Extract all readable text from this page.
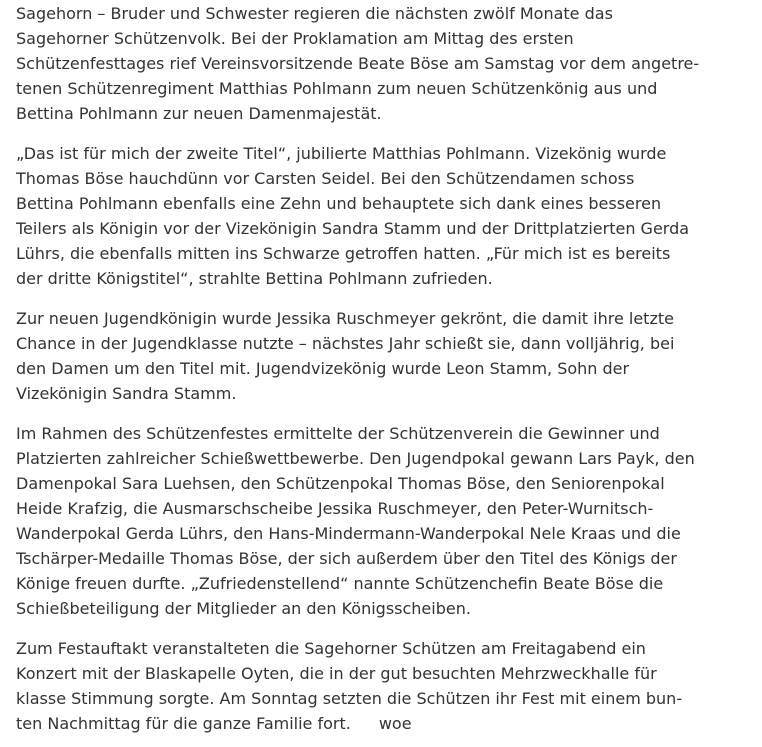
Sagehorn – Bruder und Schwester regieren die nächsten zwölf Monate das
Sagehorner Schützenvolk. Bei der Proklamation am Mittag des ersten
Schützenfesttages rief Vereinsvorsitzende Beate Böse am Samstag vor dem angetre-
tenen Schützenregiment Matthias Pohlmann zum neuen Schützenkönig aus und
Bettina Pohlmann zur neuen Damenmajestät.

„Das ist für mich der zweite Titel“, jubilierte Matthias Pohlmann. Vizekönig wurde
Thomas Böse hauchdünn vor Carsten Seidel. Bei den Schützendamen schoss
Bettina Pohlmann ebenfalls eine Zehn und behauptete sich dank eines besseren
Teilers als Königin vor der Vizekönigin Sandra Stamm und der Drittplatzierten Gerda
Lührs, die ebenfalls mitten ins Schwarze getroffen hatten. „Für mich ist es bereits
der dritte Königstitel“, strahlte Bettina Pohlmann zufrieden.

Zur neuen Jugendkönigin wurde Jessika Ruschmeyer gekrönt, die damit ihre letzte
Chance in der Jugendklasse nutzte – nächstes Jahr schießt sie, dann volljährig, bei
den Damen um den Titel mit. Jugendvizekönig wurde Leon Stamm, Sohn der
Vizekönigin Sandra Stamm.

Im Rahmen des Schützenfestes ermittelte der Schützenverein die Gewinner und
Platzierten zahlreicher Schießwettbewerbe. Den Jugendpokal gewann Lars Payk, den
Damenpokal Sara Luehsen, den Schützenpokal Thomas Böse, den Seniorenpokal
Heide Krafzig, die Ausmarschscheibe Jessika Ruschmeyer, den Peter-Wurnitsch-
Wanderpokal Gerda Lührs, den Hans-Mindermann-Wanderpokal Nele Kraas und die
Tschärper-Medaille Thomas Böse, der sich außerdem über den Titel des Königs der
Könige freuen durfte. „Zufriedenstellend“ nannte Schützenchefin Beate Böse die
Schießbeteiligung der Mitglieder an den Königsscheiben.

Zum Festauftakt veranstalteten die Sagehorner Schützen am Freitagabend ein
Konzert mit der Blaskapelle Oyten, die in der gut besuchten Mehrzweckhalle für
klasse Stimmung sorgte. Am Sonntag setzten die Schützen ihr Fest mit einem bun-
ten Nachmittag für die ganze Familie fort. woe
